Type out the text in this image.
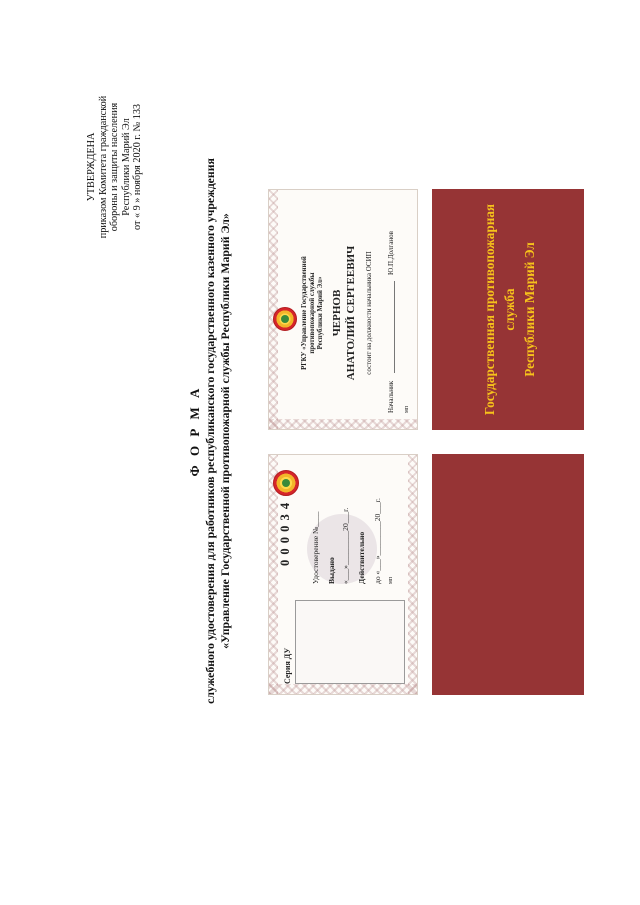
УТВЕРЖДЕНА приказом Комитета гражданской обороны и защиты населения Республики Марий Эл от « 9 » ноября 2020 г. № 133
Ф О Р М А служебного удостоверения для работников республиканского государственного казенного учреждения «Управление Государственной противопожарной службы Республики Марий Эл»
Серия ДУ
0 0 0 0 3 4	Удостоверение №____ Выдано «___»_________20___г. Действительно до «___»_________20___г. мп
РГКУ «Управление Государственной противопожарной службы Республики Марий Эл» ЧЕРНОВ АНАТОЛИЙ СЕРГЕЕВИЧ состоит на должности начальника ОСИП
Начальник
Ю.П.Долганов
мп	Государственная противопожарная служба Республики Марий Эл
